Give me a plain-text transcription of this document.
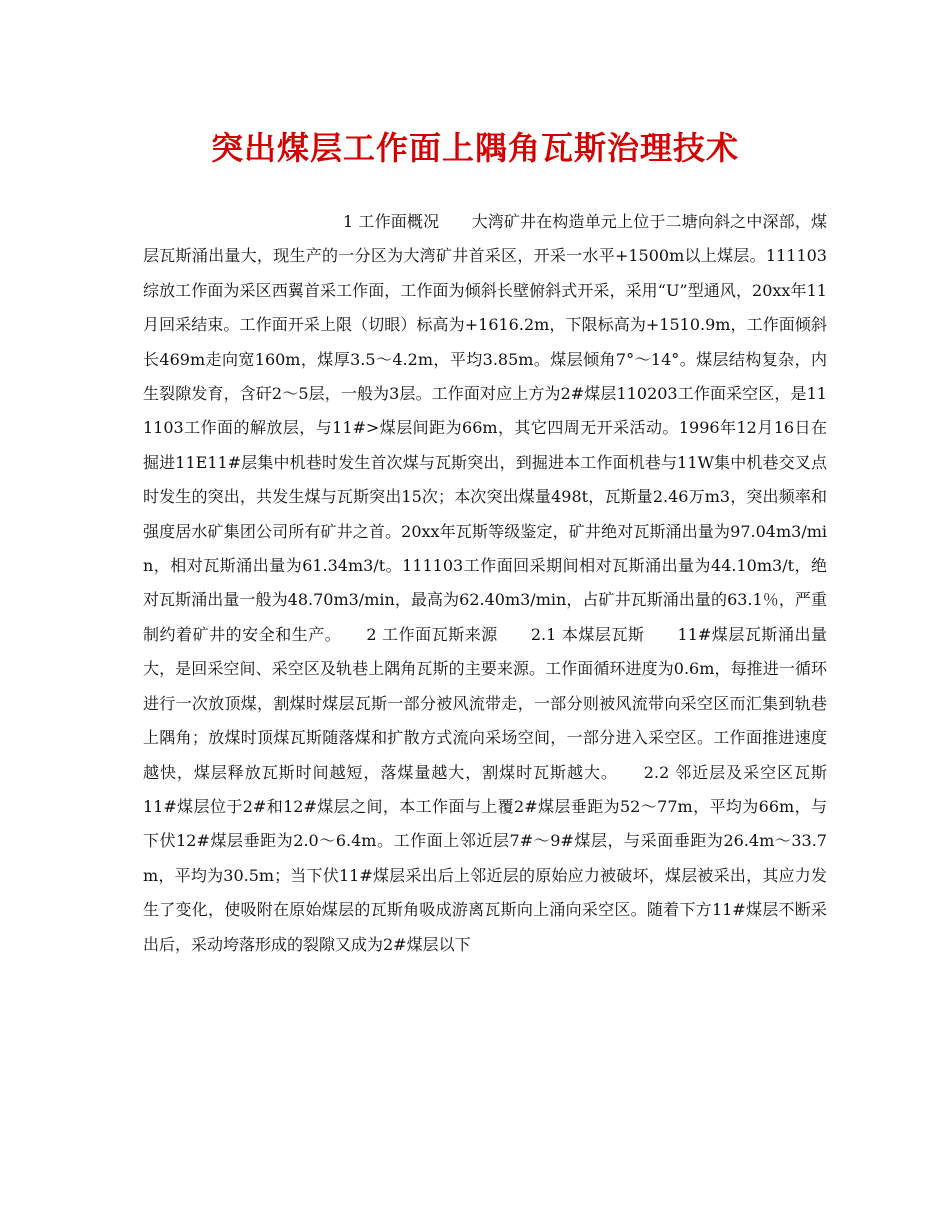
突出煤层工作面上隅角瓦斯治理技术

1 工作面概况　　大湾矿井在构造单元上位于二塘向斜之中深部，煤层瓦斯涌出量大，现生产的一分区为大湾矿井首采区，开采一水平+1500m以上煤层。111103综放工作面为采区西翼首采工作面，工作面为倾斜长壁俯斜式开采，采用“U”型通风，20xx年11月回采结束。工作面开采上限（切眼）标高为+1616.2m，下限标高为+1510.9m，工作面倾斜长469m走向宽160m，煤厚3.5～4.2m，平均3.85m。煤层倾角7°～14°。煤层结构复杂，内生裂隙发育，含矸2～5层，一般为3层。工作面对应上方为2#煤层110203工作面采空区，是111103工作面的解放层，与11#>煤层间距为66m，其它四周无开采活动。1996年12月16日在掘进11E11#层集中机巷时发生首次煤与瓦斯突出，到掘进本工作面机巷与11W集中机巷交叉点时发生的突出，共发生煤与瓦斯突出15次；本次突出煤量498t，瓦斯量2.46万m3，突出频率和强度居水矿集团公司所有矿井之首。20xx年瓦斯等级鉴定，矿井绝对瓦斯涌出量为97.04m3/min，相对瓦斯涌出量为61.34m3/t。111103工作面回采期间相对瓦斯涌出量为44.10m3/t，绝对瓦斯涌出量一般为48.70m3/min，最高为62.40m3/min，占矿井瓦斯涌出量的63.1％，严重制约着矿井的安全和生产。　　2 工作面瓦斯来源　　2.1 本煤层瓦斯　　11#煤层瓦斯涌出量大，是回采空间、采空区及轨巷上隅角瓦斯的主要来源。工作面循环进度为0.6m，每推进一循环进行一次放顶煤，割煤时煤层瓦斯一部分被风流带走，一部分则被风流带向采空区而汇集到轨巷上隅角；放煤时顶煤瓦斯随落煤和扩散方式流向采场空间，一部分进入采空区。工作面推进速度越快，煤层释放瓦斯时间越短，落煤量越大，割煤时瓦斯越大。　　2.2 邻近层及采空区瓦斯　　11#煤层位于2#和12#煤层之间，本工作面与上覆2#煤层垂距为52～77m，平均为66m，与下伏12#煤层垂距为2.0～6.4m。工作面上邻近层7#～9#煤层，与采面垂距为26.4m～33.7m，平均为30.5m；当下伏11#煤层采出后上邻近层的原始应力被破坏，煤层被采出，其应力发生了变化，使吸附在原始煤层的瓦斯角吸成游离瓦斯向上涌向采空区。随着下方11#煤层不断采出后，采动垮落形成的裂隙又成为2#煤层以下
